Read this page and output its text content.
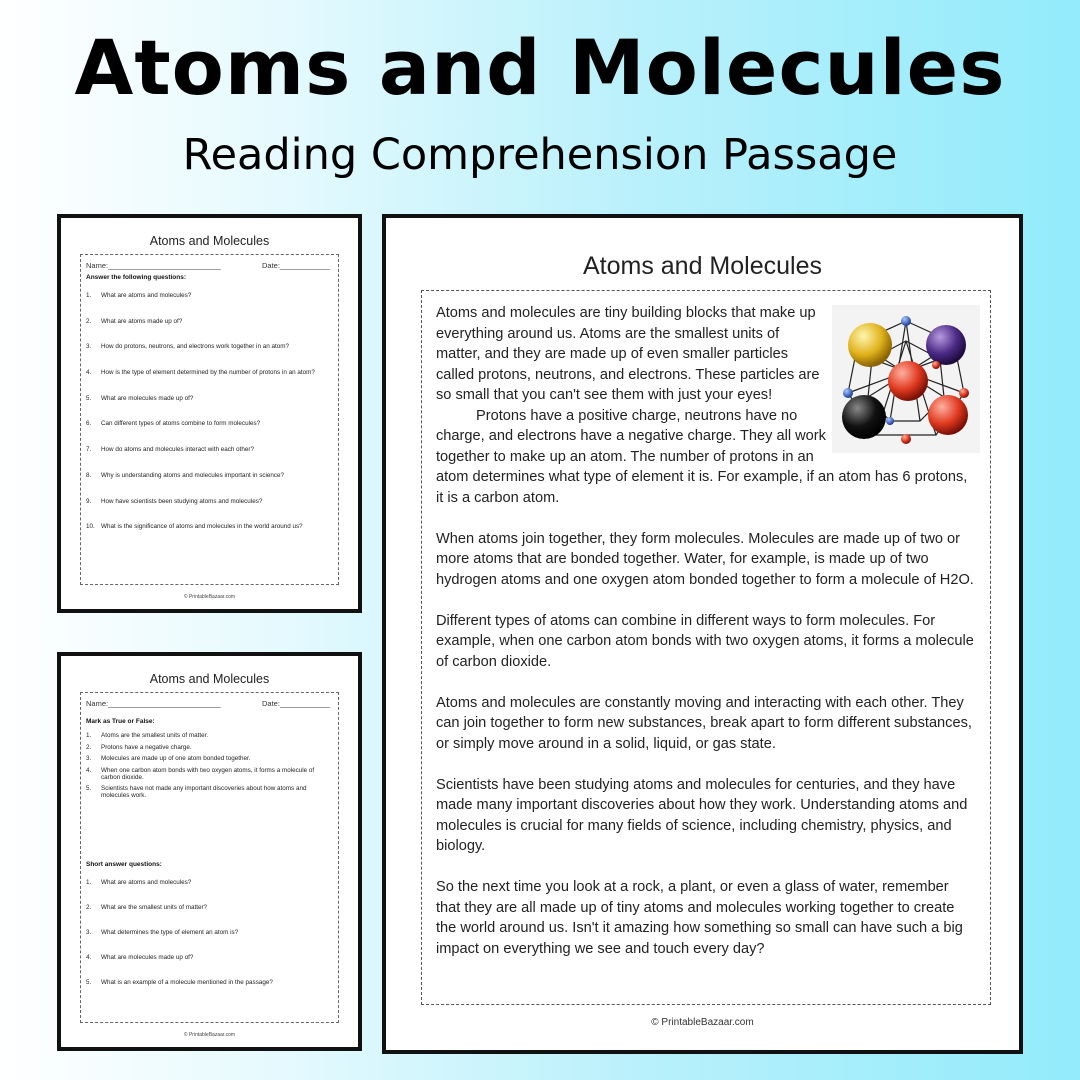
Atoms and Molecules
Reading Comprehension Passage
Atoms and Molecules
Name:___________________________	Date:____________
Answer the following questions:
1. What are atoms and molecules?
2. What are atoms made up of?
3. How do protons, neutrons, and electrons work together in an atom?
4. How is the type of element determined by the number of protons in an atom?
5. What are molecules made up of?
6. Can different types of atoms combine to form molecules?
7. How do atoms and molecules interact with each other?
8. Why is understanding atoms and molecules important in science?
9. How have scientists been studying atoms and molecules?
10. What is the significance of atoms and molecules in the world around us?
© PrintableBazaar.com
Atoms and Molecules
Name:___________________________	Date:____________
Mark as True or False:
1. Atoms are the smallest units of matter.
2. Protons have a negative charge.
3. Molecules are made up of one atom bonded together.
4. When one carbon atom bonds with two oxygen atoms, it forms a molecule of carbon dioxide.
5. Scientists have not made any important discoveries about how atoms and molecules work.
Short answer questions:
1. What are atoms and molecules?
2. What are the smallest units of matter?
3. What determines the type of element an atom is?
4. What are molecules made up of?
5. What is an example of a molecule mentioned in the passage?
© PrintableBazaar.com
Atoms and Molecules

Atoms and molecules are tiny building blocks that make up everything around us. Atoms are the smallest units of matter, and they are made up of even smaller particles called protons, neutrons, and electrons. These particles are so small that you can't see them with just your eyes!

Protons have a positive charge, neutrons have no charge, and electrons have a negative charge. They all work together to make up an atom. The number of protons in an atom determines what type of element it is. For example, if an atom has 6 protons, it is a carbon atom.

When atoms join together, they form molecules. Molecules are made up of two or more atoms that are bonded together. Water, for example, is made up of two hydrogen atoms and one oxygen atom bonded together to form a molecule of H2O.

Different types of atoms can combine in different ways to form molecules. For example, when one carbon atom bonds with two oxygen atoms, it forms a molecule of carbon dioxide.

Atoms and molecules are constantly moving and interacting with each other. They can join together to form new substances, break apart to form different substances, or simply move around in a solid, liquid, or gas state.

Scientists have been studying atoms and molecules for centuries, and they have made many important discoveries about how they work. Understanding atoms and molecules is crucial for many fields of science, including chemistry, physics, and biology.

So the next time you look at a rock, a plant, or even a glass of water, remember that they are all made up of tiny atoms and molecules working together to create the world around us. Isn't it amazing how something so small can have such a big impact on everything we see and touch every day?

© PrintableBazaar.com
